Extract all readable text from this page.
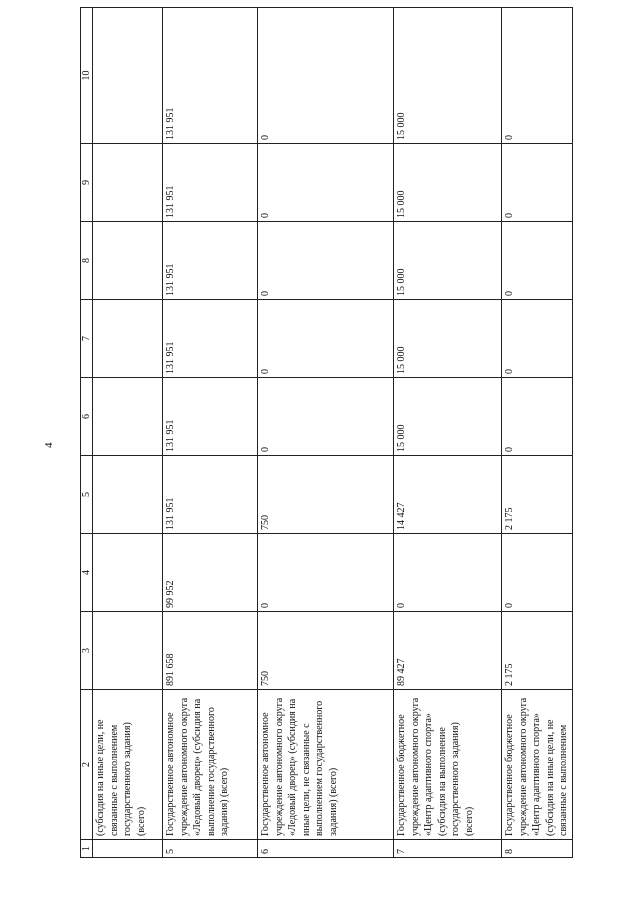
4
1	2	3	4	5	6	7	8	9	10
	(субсидия на иные цели, не связанные с выполнением государственного задания) (всего)								
5	Государственное автономное учреждение автономного округа «Ледовый дворец» (субсидия на выполнение государственного задания) (всего)	891 658	99 952	131 951	131 951	131 951	131 951	131 951	131 951
6	Государственное автономное учреждение автономного округа «Ледовый дворец» (субсидия на иные цели, не связанные с выполнением государственного задания) (всего)	750	0	750	0	0	0	0	0
7	Государственное бюджетное учреждение автономного округа «Центр адаптивного спорта» (субсидия на выполнение государственного задания) (всего)	89 427	0	14 427	15 000	15 000	15 000	15 000	15 000
8	Государственное бюджетное учреждение автономного округа «Центр адаптивного спорта» (субсидия на иные цели, не связанные с выполнением	2 175	0	2 175	0	0	0	0	0
